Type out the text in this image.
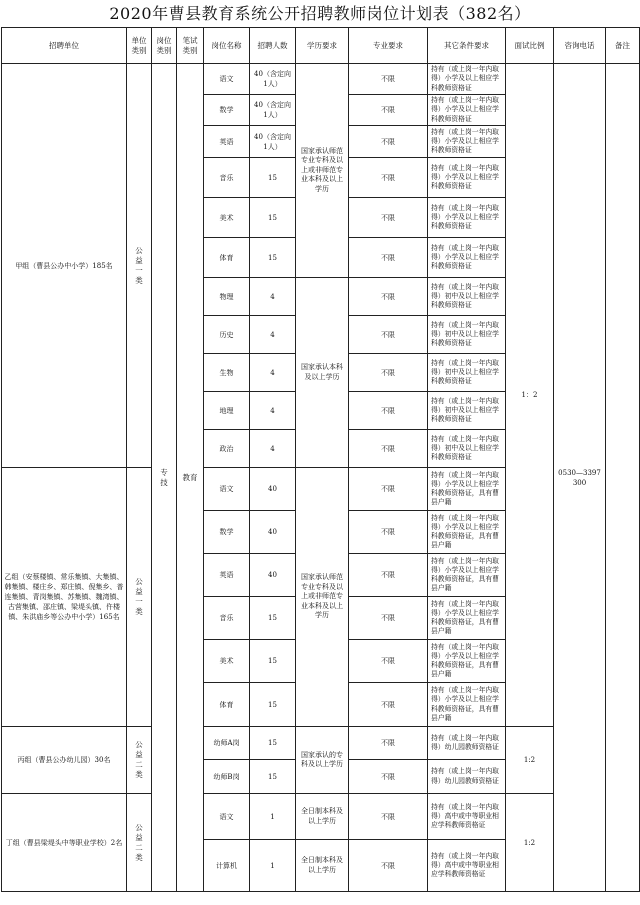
2020年曹县教育系统公开招聘教师岗位计划表（382名）
招聘单位	单位类别	岗位类别	笔试类别	岗位名称	招聘人数	学历要求	专业要求	其它条件要求	面试比例	咨询电话	备注
甲组（曹县公办中小学）185名	公益一类	专技	教育	语文	40（含定向1人）	国家承认师范专业专科及以上或非师范专业本科及以上学历	不限	持有（或上岗一年内取得）小学及以上相应学科教师资格证	1：2	0530—3397300	
				数学	40（含定向1人）		不限	持有（或上岗一年内取得）小学及以上相应学科教师资格证			
				英语	40（含定向1人）		不限	持有（或上岗一年内取得）小学及以上相应学科教师资格证			
				音乐	15		不限	持有（或上岗一年内取得）小学及以上相应学科教师资格证			
				美术	15		不限	持有（或上岗一年内取得）小学及以上相应学科教师资格证			
				体育	15		不限	持有（或上岗一年内取得）小学及以上相应学科教师资格证			
				物理	4	国家承认本科及以上学历	不限	持有（或上岗一年内取得）初中及以上相应学科教师资格证			
				历史	4		不限	持有（或上岗一年内取得）初中及以上相应学科教师资格证			
				生物	4		不限	持有（或上岗一年内取得）初中及以上相应学科教师资格证			
				地理	4		不限	持有（或上岗一年内取得）初中及以上相应学科教师资格证			
				政治	4		不限	持有（或上岗一年内取得）初中及以上相应学科教师资格证			
乙组（安蔡楼镇、常乐集镇、大集镇、韩集镇、楼庄乡、郑庄镇、倪集乡、普连集镇、青岗集镇、苏集镇、魏湾镇、古营集镇、邵庄镇、梁堤头镇、仵楼镇、朱洪庙乡等公办中小学）165名	公益一类			语文	40	国家承认师范专业专科及以上或非师范专业本科及以上学历	不限	持有（或上岗一年内取得）小学及以上相应学科教师资格证，具有曹县户籍			
				数学	40		不限	持有（或上岗一年内取得）小学及以上相应学科教师资格证，具有曹县户籍			
				英语	40		不限	持有（或上岗一年内取得）小学及以上相应学科教师资格证，具有曹县户籍			
				音乐	15		不限	持有（或上岗一年内取得）小学及以上相应学科教师资格证，具有曹县户籍			
				美术	15		不限	持有（或上岗一年内取得）小学及以上相应学科教师资格证，具有曹县户籍			
				体育	15		不限	持有（或上岗一年内取得）小学及以上相应学科教师资格证，具有曹县户籍			
丙组（曹县公办幼儿园）30名	公益二类			幼师A岗	15	国家承认的专科及以上学历	不限	持有（或上岗一年内取得）幼儿园教师资格证	1:2		
				幼师B岗	15		不限	持有（或上岗一年内取得）幼儿园教师资格证			
丁组（曹县梁堤头中等职业学校）2名	公益二类			语文	1	全日制本科及以上学历	不限	持有（或上岗一年内取得）高中或中等职业相应学科教师资格证	1:2		
				计算机	1	全日制本科及以上学历	不限	持有（或上岗一年内取得）高中或中等职业相应学科教师资格证			
